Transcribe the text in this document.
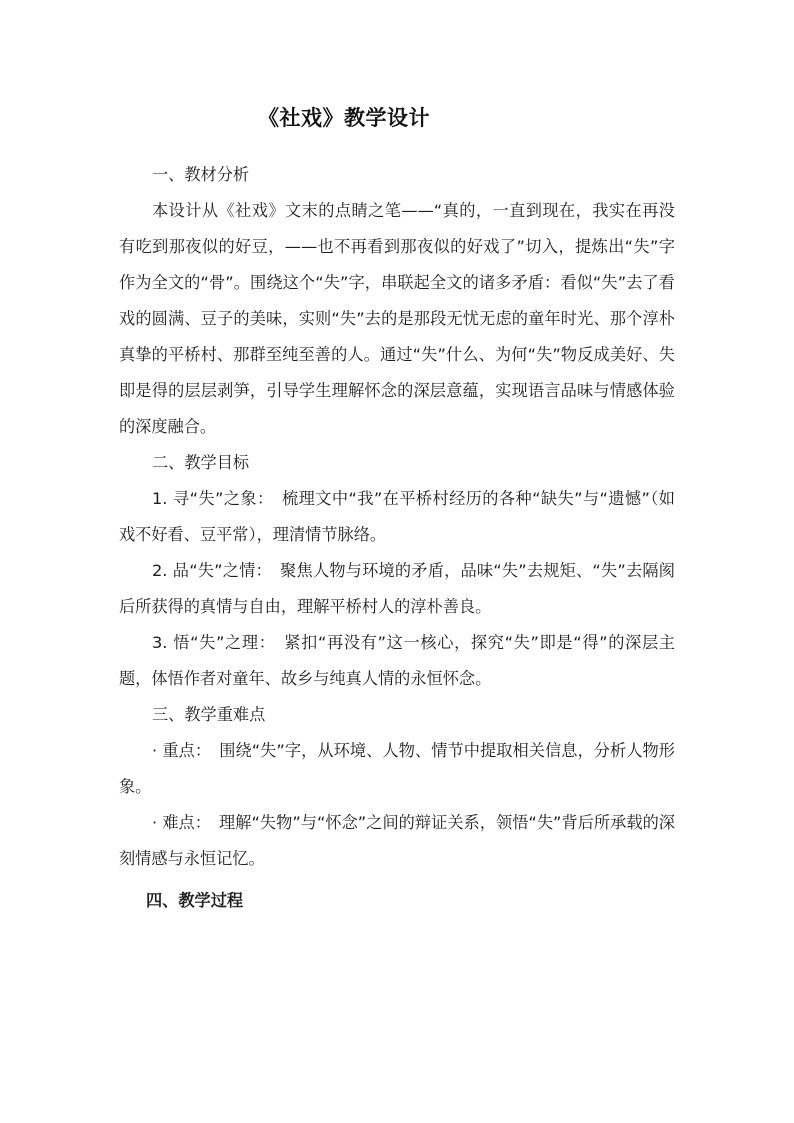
《社戏》教学设计

一、教材分析

本设计从《社戏》文末的点睛之笔——“真的，一直到现在，我实在再没有吃到那夜似的好豆，——也不再看到那夜似的好戏了”切入，提炼出“失”字作为全文的“骨”。围绕这个“失”字，串联起全文的诸多矛盾：看似“失”去了看戏的圆满、豆子的美味，实则“失”去的是那段无忧无虑的童年时光、那个淳朴真挚的平桥村、那群至纯至善的人。通过“失”什么、为何“失”物反成美好、失即是得的层层剥笋，引导学生理解怀念的深层意蕴，实现语言品味与情感体验的深度融合。

二、教学目标

1. 寻“失”之象： 梳理文中“我”在平桥村经历的各种“缺失”与“遗憾”（如戏不好看、豆平常），理清情节脉络。

2. 品“失”之情： 聚焦人物与环境的矛盾，品味“失”去规矩、“失”去隔阂后所获得的真情与自由，理解平桥村人的淳朴善良。

3. 悟“失”之理： 紧扣“再没有”这一核心，探究“失”即是“得”的深层主题，体悟作者对童年、故乡与纯真人情的永恒怀念。

三、教学重难点

· 重点： 围绕“失”字，从环境、人物、情节中提取相关信息，分析人物形象。

· 难点： 理解“失物”与“怀念”之间的辩证关系，领悟“失”背后所承载的深刻情感与永恒记忆。

四、教学过程
